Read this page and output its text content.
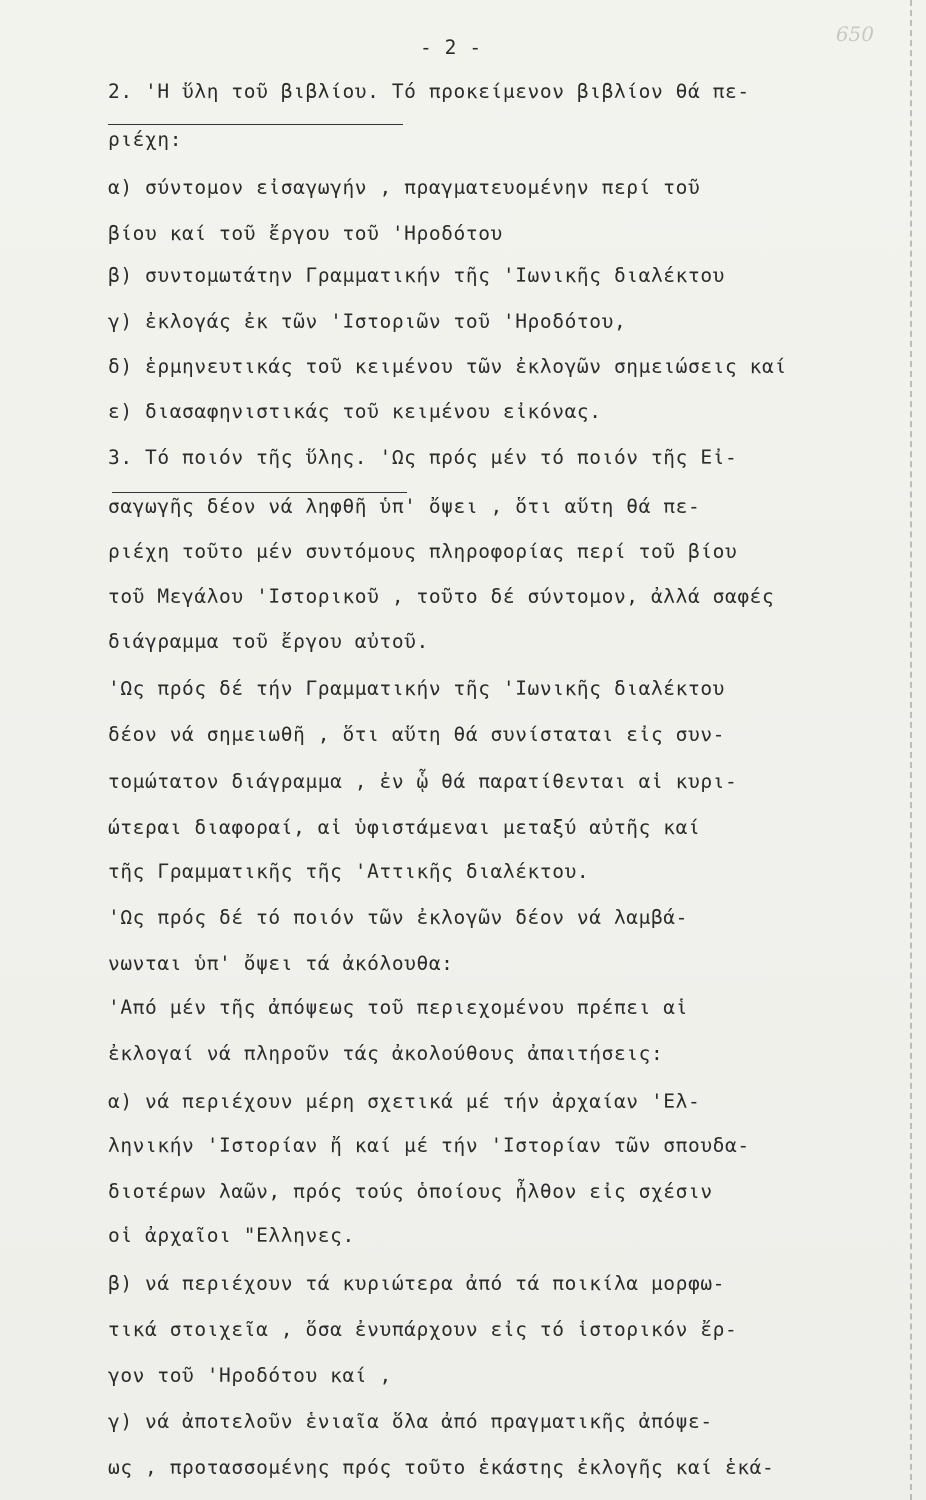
650
- 2 -
2. 'Η ὕλη τοῦ βιβλίου. Τό προκείμενον βιβλίον θά πε-
ριέχη:
α) σύντομον εἰσαγωγήν , πραγματευομένην περί τοῦ
βίου καί τοῦ ἔργου τοῦ 'Ηροδότου
β) συντομωτάτην Γραμματικήν τῆς 'Ιωνικῆς διαλέκτου
γ) ἐκλογάς ἐκ τῶν 'Ιστοριῶν τοῦ 'Ηροδότου,
δ) ἑρμηνευτικάς τοῦ κειμένου τῶν ἐκλογῶν σημειώσεις καί
ε) διασαφηνιστικάς τοῦ κειμένου εἰκόνας.
3. Τό ποιόν τῆς ὕλης. 'Ως πρός μέν τό ποιόν τῆς Εἰ-
σαγωγῆς δέον νά ληφθῆ ὑπ' ὄψει , ὅτι αὕτη θά πε-
ριέχη τοῦτο μέν συντόμους πληροφορίας περί τοῦ βίου
τοῦ Μεγάλου 'Ιστορικοῦ , τοῦτο δέ σύντομον, ἀλλά σαφές
διάγραμμα τοῦ ἔργου αὐτοῦ.
'Ως πρός δέ τήν Γραμματικήν τῆς 'Ιωνικῆς διαλέκτου
δέον νά σημειωθῆ , ὅτι αὕτη θά συνίσταται εἰς συν-
τομώτατον διάγραμμα , ἐν ᾧ θά παρατίθενται αἱ κυρι-
ώτεραι διαφοραί, αἱ ὑφιστάμεναι μεταξύ αὐτῆς καί
τῆς Γραμματικῆς τῆς 'Αττικῆς διαλέκτου.
'Ως πρός δέ τό ποιόν τῶν ἐκλογῶν δέον νά λαμβά-
νωνται ὑπ' ὄψει τά ἀκόλουθα:
'Από μέν τῆς ἀπόψεως τοῦ περιεχομένου πρέπει αἱ
ἐκλογαί νά πληροῦν τάς ἀκολούθους ἀπαιτήσεις:
α) νά περιέχουν μέρη σχετικά μέ τήν ἀρχαίαν 'Ελ-
ληνικήν 'Ιστορίαν ἤ καί μέ τήν 'Ιστορίαν τῶν σπουδα-
διοτέρων λαῶν, πρός τούς ὁποίους ἦλθον εἰς σχέσιν
οἱ ἀρχαῖοι "Ελληνες.
β) νά περιέχουν τά κυριώτερα ἀπό τά ποικίλα μορφω-
τικά στοιχεῖα , ὅσα ἐνυπάρχουν εἰς τό ἱστορικόν ἔρ-
γον τοῦ 'Ηροδότου καί ,
γ) νά ἀποτελοῦν ἑνιαῖα ὅλα ἀπό πραγματικῆς ἀπόψε-
ως , προτασσομένης πρός τοῦτο ἑκάστης ἐκλογῆς καί ἑκά-
